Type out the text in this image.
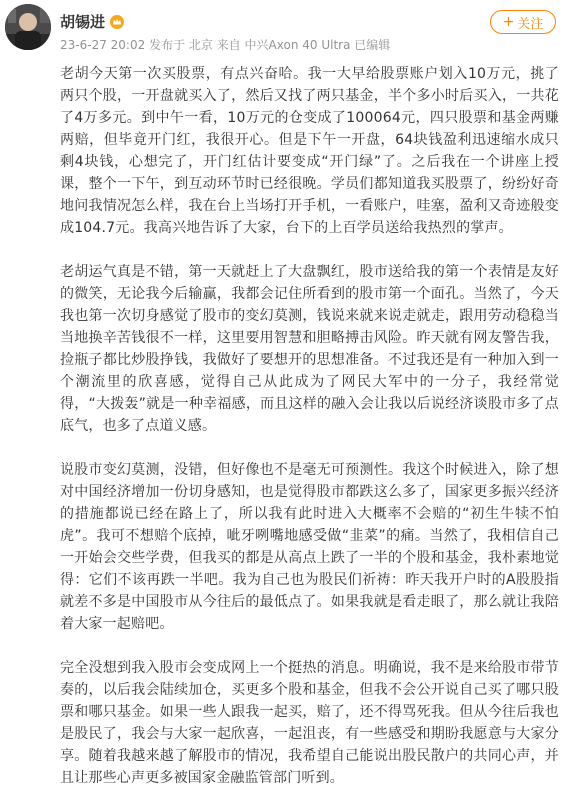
胡锡进
23-6-27 20:02 发布于 北京 来自 中兴Axon 40 Ultra 已编辑
+ 关注

老胡今天第一次买股票，有点兴奋哈。我一大早给股票账户划入10万元，挑了两只个股，一开盘就买入了，然后又找了两只基金，半个多小时后买入，一共花了4万多元。到中午一看，10万元的仓变成了100064元，四只股票和基金两赚两赔，但毕竟开门红，我很开心。但是下午一开盘，64块钱盈利迅速缩水成只剩4块钱，心想完了，开门红估计要变成“开门绿”了。之后我在一个讲座上授课，整个一下午，到互动环节时已经很晚。学员们都知道我买股票了，纷纷好奇地问我情况怎么样，我在台上当场打开手机，一看账户，哇塞，盈利又奇迹般变成104.7元。我高兴地告诉了大家，台下的上百学员送给我热烈的掌声。

老胡运气真是不错，第一天就赶上了大盘飘红，股市送给我的第一个表情是友好的微笑，无论我今后输赢，我都会记住所看到的股市第一个面孔。当然了，今天我也第一次切身感觉了股市的变幻莫测，钱说来就来说走就走，跟用劳动稳稳当当地换辛苦钱很不一样，这里要用智慧和胆略搏击风险。昨天就有网友警告我，捡瓶子都比炒股挣钱，我做好了要想开的思想准备。不过我还是有一种加入到一个潮流里的欣喜感，觉得自己从此成为了网民大军中的一分子，我经常觉得，“大拨轰”就是一种幸福感，而且这样的融入会让我以后说经济谈股市多了点底气，也多了点道义感。

说股市变幻莫测，没错，但好像也不是毫无可预测性。我这个时候进入，除了想对中国经济增加一份切身感知，也是觉得股市都跌这么多了，国家更多振兴经济的措施都说已经在路上了，所以我有此时进入大概率不会赔的“初生牛犊不怕虎”。我可不想赔个底掉，呲牙咧嘴地感受做“韭菜”的痛。当然了，我相信自己一开始会交些学费，但我买的都是从高点上跌了一半的个股和基金，我朴素地觉得：它们不该再跌一半吧。我为自己也为股民们祈祷：昨天我开户时的A股股指就差不多是中国股市从今往后的最低点了。如果我就是看走眼了，那么就让我陪着大家一起赔吧。

完全没想到我入股市会变成网上一个挺热的消息。明确说，我不是来给股市带节奏的，以后我会陆续加仓，买更多个股和基金，但我不会公开说自己买了哪只股票和哪只基金。如果一些人跟我一起买，赔了，还不得骂死我。但从今往后我也是股民了，我会与大家一起欣喜，一起沮丧，有一些感受和期盼我愿意与大家分享。随着我越来越了解股市的情况，我希望自己能说出股民散户的共同心声，并且让那些心声更多被国家金融监管部门听到。
